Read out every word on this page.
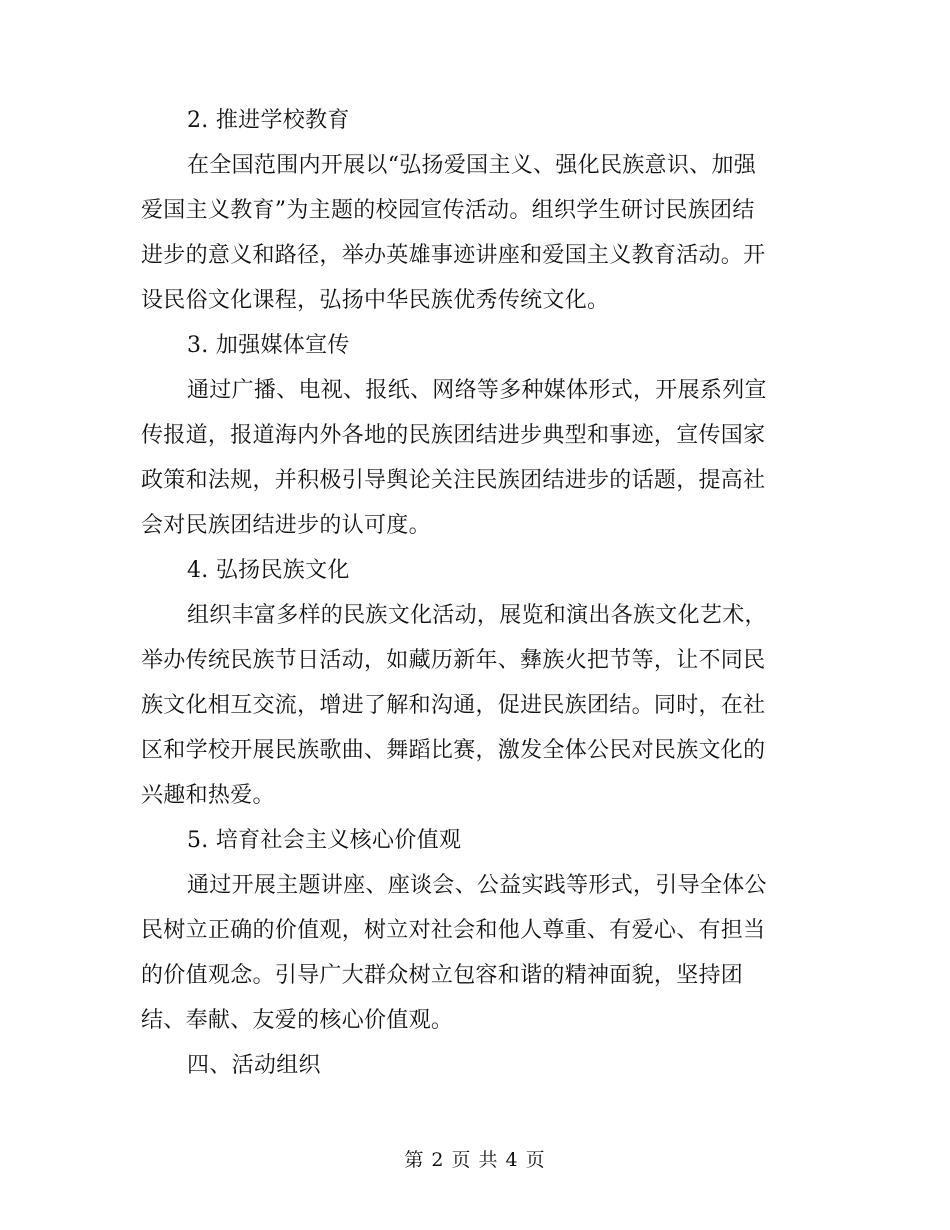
2. 推进学校教育
在全国范围内开展以“弘扬爱国主义、强化民族意识、加强
爱国主义教育”为主题的校园宣传活动。组织学生研讨民族团结
进步的意义和路径，举办英雄事迹讲座和爱国主义教育活动。开
设民俗文化课程，弘扬中华民族优秀传统文化。
3. 加强媒体宣传
通过广播、电视、报纸、网络等多种媒体形式，开展系列宣
传报道，报道海内外各地的民族团结进步典型和事迹，宣传国家
政策和法规，并积极引导舆论关注民族团结进步的话题，提高社
会对民族团结进步的认可度。
4. 弘扬民族文化
组织丰富多样的民族文化活动，展览和演出各族文化艺术，
举办传统民族节日活动，如藏历新年、彝族火把节等，让不同民
族文化相互交流，增进了解和沟通，促进民族团结。同时，在社
区和学校开展民族歌曲、舞蹈比赛，激发全体公民对民族文化的
兴趣和热爱。
5. 培育社会主义核心价值观
通过开展主题讲座、座谈会、公益实践等形式，引导全体公
民树立正确的价值观，树立对社会和他人尊重、有爱心、有担当
的价值观念。引导广大群众树立包容和谐的精神面貌，坚持团
结、奉献、友爱的核心价值观。
四、活动组织
第 2 页 共 4 页
